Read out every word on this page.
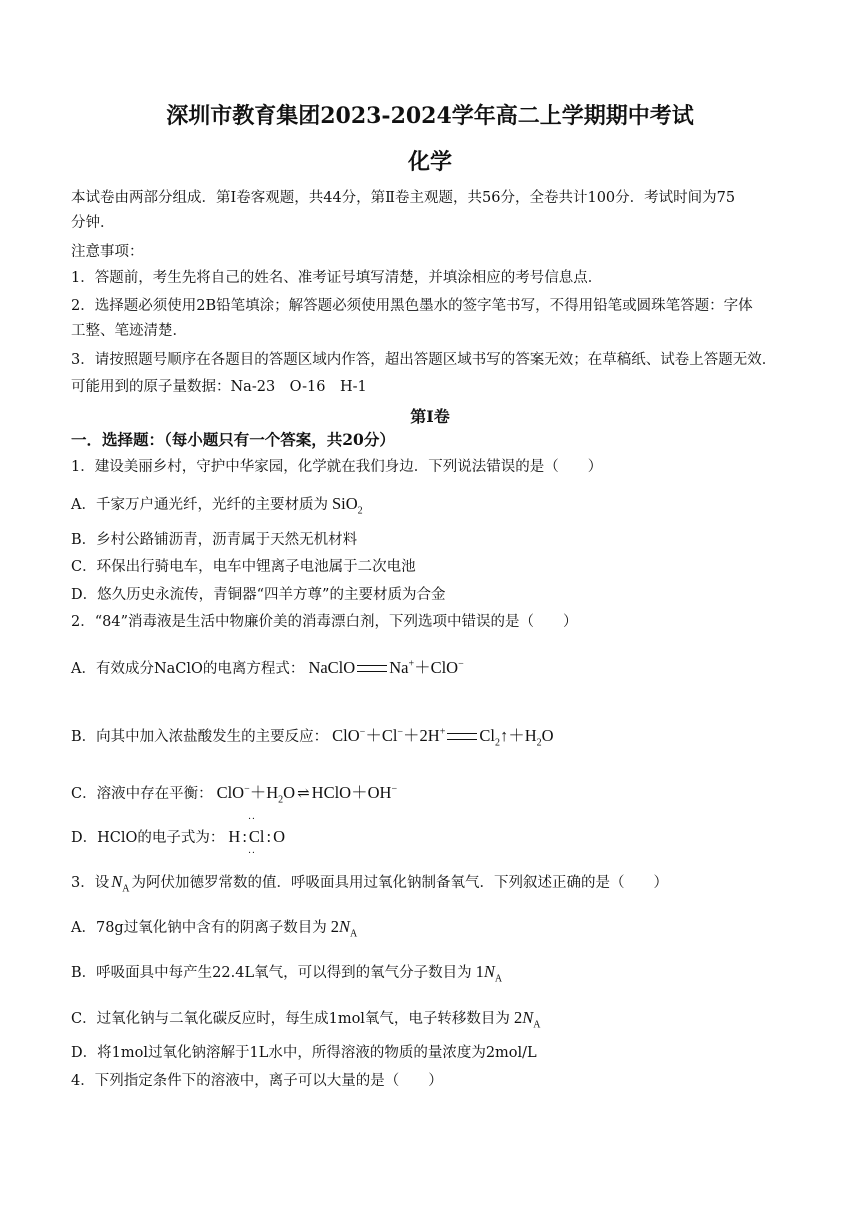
深圳市教育集团2023-2024学年高二上学期期中考试
化学
本试卷由两部分组成．第Ⅰ卷客观题，共44分，第Ⅱ卷主观题，共56分，全卷共计100分．考试时间为75
分钟．
注意事项：
1．答题前，考生先将自己的姓名、准考证号填写清楚，并填涂相应的考号信息点．
2．选择题必须使用2B铅笔填涂；解答题必须使用黑色墨水的签字笔书写，不得用铅笔或圆珠笔答题：字体
工整、笔迹清楚．
3．请按照题号顺序在各题目的答题区域内作答，超出答题区域书写的答案无效；在草稿纸、试卷上答题无效．
可能用到的原子量数据：Na-23　O-16　H-1
第Ⅰ卷
一．选择题：（每小题只有一个答案，共20分）
1．建设美丽乡村，守护中华家园，化学就在我们身边．下列说法错误的是（　　）
A．千家万户通光纤，光纤的主要材质为 SiO$_2$
B．乡村公路铺沥青，沥青属于天然无机材料
C．环保出行骑电车，电车中锂离子电池属于二次电池
D．悠久历史永流传，青铜器“四羊方尊”的主要材质为合金
2．“84”消毒液是生活中物廉价美的消毒漂白剂，下列选项中错误的是（　　）
A．有效成分NaClO的电离方程式： NaClO Na+＋ClO−
B．向其中加入浓盐酸发生的主要反应： ClO−＋Cl−＋2H+ $Cl_2↑+H_2O$
C．溶液中存在平衡： $ClO^-+H_2O$ ⇌ HClO＋OH−
D．HClO的电子式为： H : · · Cl · · : O
3．设 $N_A$ 为阿伏加德罗常数的值．呼吸面具用过氧化钠制备氧气．下列叙述正确的是（　　）
A．78g过氧化钠中含有的阴离子数目为 $2N_A$
B．呼吸面具中每产生22.4L氧气，可以得到的氧气分子数目为 $1N_A$
C．过氧化钠与二氧化碳反应时，每生成1mol氧气，电子转移数目为 $2N_A$
D．将1mol过氧化钠溶解于1L水中，所得溶液的物质的量浓度为2mol/L
4．下列指定条件下的溶液中，离子可以大量的是（　　）
